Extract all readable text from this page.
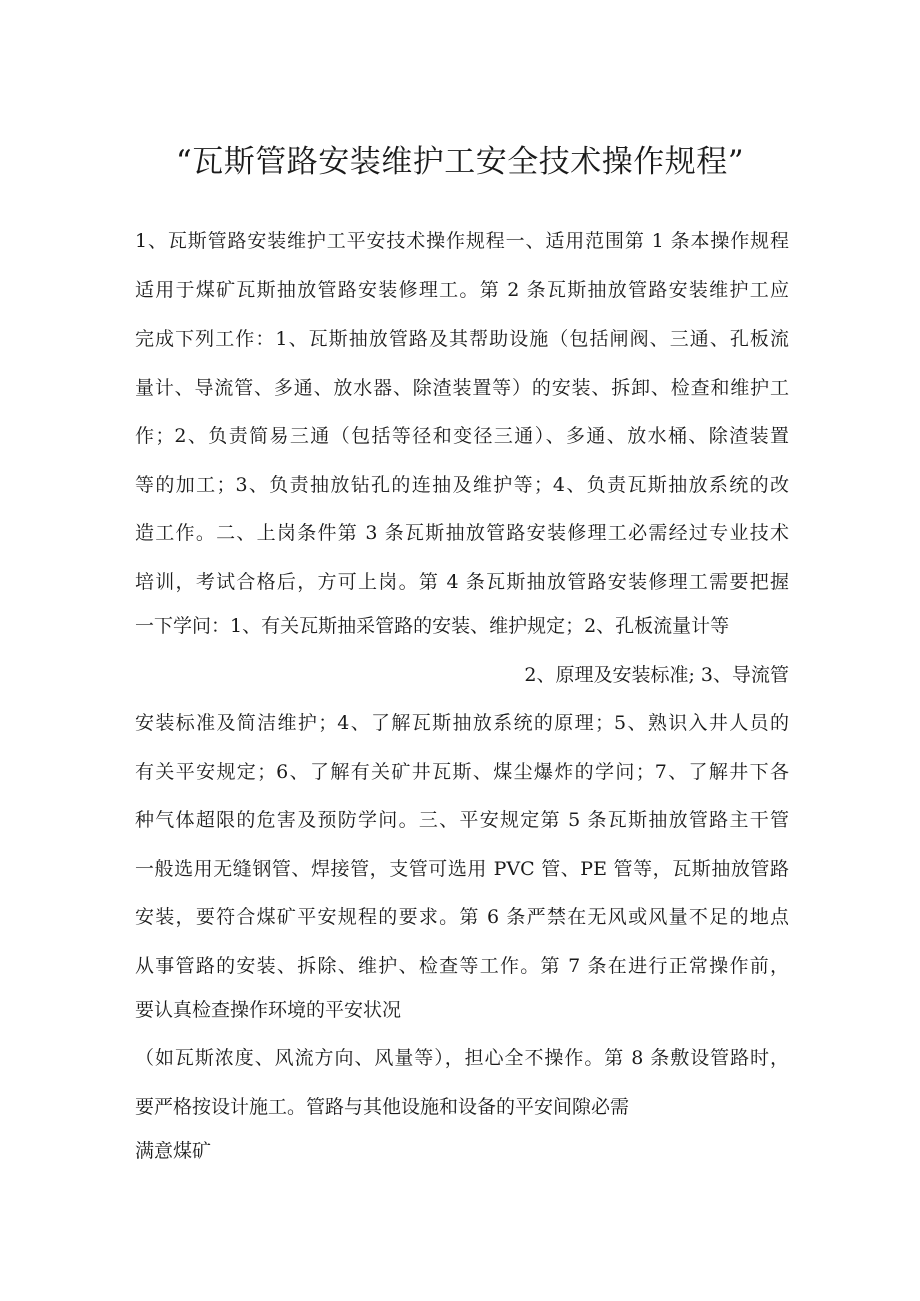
“瓦斯管路安装维护工安全技术操作规程”
1、瓦斯管路安装维护工平安技术操作规程一、适用范围第 1 条本操作规程
适用于煤矿瓦斯抽放管路安装修理工。第 2 条瓦斯抽放管路安装维护工应
完成下列工作：1、瓦斯抽放管路及其帮助设施（包括闸阀、三通、孔板流
量计、导流管、多通、放水器、除渣装置等）的安装、拆卸、检查和维护工
作；2、负责简易三通（包括等径和变径三通）、多通、放水桶、除渣装置
等的加工；3、负责抽放钻孔的连抽及维护等；4、负责瓦斯抽放系统的改
造工作。二、上岗条件第 3 条瓦斯抽放管路安装修理工必需经过专业技术
培训，考试合格后，方可上岗。第 4 条瓦斯抽放管路安装修理工需要把握
一下学问：1、有关瓦斯抽采管路的安装、维护规定；2、孔板流量计等
2、原理及安装标准; 3、导流管
安装标准及简洁维护；4、了解瓦斯抽放系统的原理；5、熟识入井人员的
有关平安规定；6、了解有关矿井瓦斯、煤尘爆炸的学问；7、了解井下各
种气体超限的危害及预防学问。三、平安规定第 5 条瓦斯抽放管路主干管
一般选用无缝钢管、焊接管，支管可选用 PVC 管、PE 管等，瓦斯抽放管路
安装，要符合煤矿平安规程的要求。第 6 条严禁在无风或风量不足的地点
从事管路的安装、拆除、维护、检查等工作。第 7 条在进行正常操作前，
要认真检查操作环境的平安状况
（如瓦斯浓度、风流方向、风量等），担心全不操作。第 8 条敷设管路时，
要严格按设计施工。管路与其他设施和设备的平安间隙必需
满意煤矿
